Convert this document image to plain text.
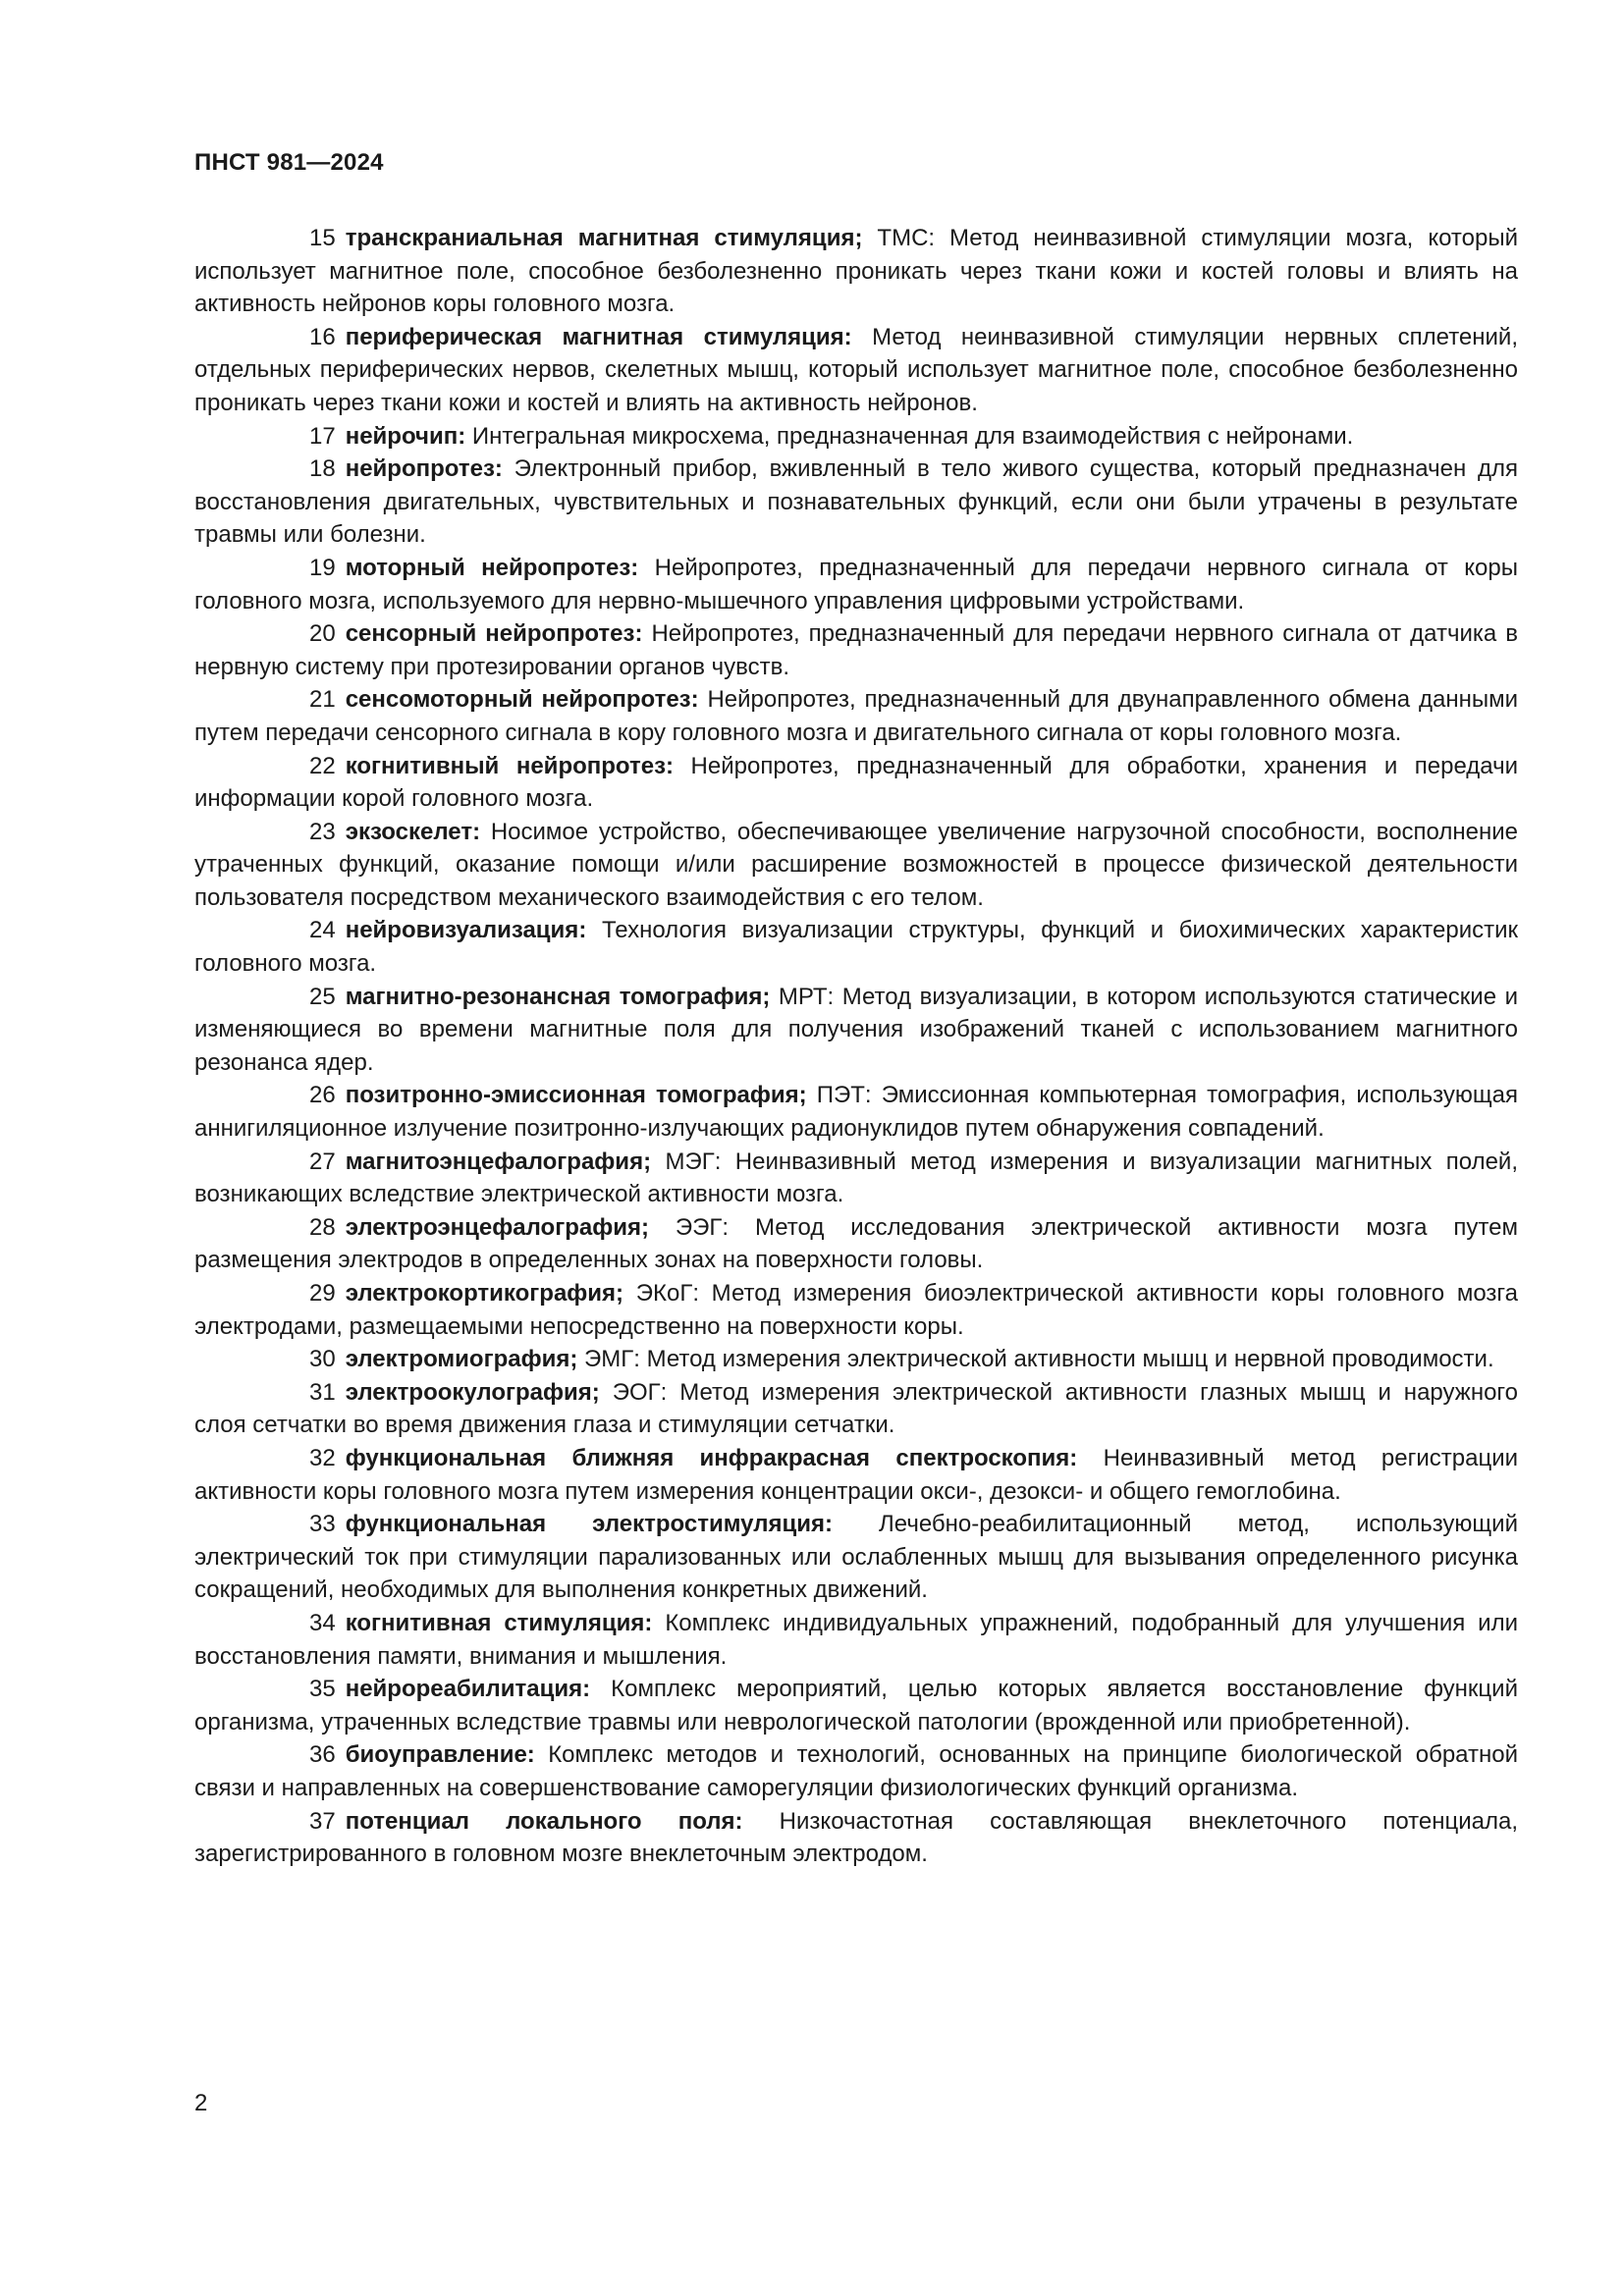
ПНСТ 981—2024

15 транскраниальная магнитная стимуляция; ТМС: Метод неинвазивной стимуляции мозга, который использует магнитное поле, способное безболезненно проникать через ткани кожи и костей головы и влиять на активность нейронов коры головного мозга.

16 периферическая магнитная стимуляция: Метод неинвазивной стимуляции нервных сплетений, отдельных периферических нервов, скелетных мышц, который использует магнитное поле, способное безболезненно проникать через ткани кожи и костей и влиять на активность нейронов.

17 нейрочип: Интегральная микросхема, предназначенная для взаимодействия с нейронами.

18 нейропротез: Электронный прибор, вживленный в тело живого существа, который предназначен для восстановления двигательных, чувствительных и познавательных функций, если они были утрачены в результате травмы или болезни.

19 моторный нейропротез: Нейропротез, предназначенный для передачи нервного сигнала от коры головного мозга, используемого для нервно-мышечного управления цифровыми устройствами.

20 сенсорный нейропротез: Нейропротез, предназначенный для передачи нервного сигнала от датчика в нервную систему при протезировании органов чувств.

21 сенсомоторный нейропротез: Нейропротез, предназначенный для двунаправленного обмена данными путем передачи сенсорного сигнала в кору головного мозга и двигательного сигнала от коры головного мозга.

22 когнитивный нейропротез: Нейропротез, предназначенный для обработки, хранения и передачи информации корой головного мозга.

23 экзоскелет: Носимое устройство, обеспечивающее увеличение нагрузочной способности, восполнение утраченных функций, оказание помощи и/или расширение возможностей в процессе физической деятельности пользователя посредством механического взаимодействия с его телом.

24 нейровизуализация: Технология визуализации структуры, функций и биохимических характеристик головного мозга.

25 магнитно-резонансная томография; МРТ: Метод визуализации, в котором используются статические и изменяющиеся во времени магнитные поля для получения изображений тканей с использованием магнитного резонанса ядер.

26 позитронно-эмиссионная томография; ПЭТ: Эмиссионная компьютерная томография, использующая аннигиляционное излучение позитронно-излучающих радионуклидов путем обнаружения совпадений.

27 магнитоэнцефалография; МЭГ: Неинвазивный метод измерения и визуализации магнитных полей, возникающих вследствие электрической активности мозга.

28 электроэнцефалография; ЭЭГ: Метод исследования электрической активности мозга путем размещения электродов в определенных зонах на поверхности головы.

29 электрокортикография; ЭКоГ: Метод измерения биоэлектрической активности коры головного мозга электродами, размещаемыми непосредственно на поверхности коры.

30 электромиография; ЭМГ: Метод измерения электрической активности мышц и нервной проводимости.

31 электроокулография; ЭОГ: Метод измерения электрической активности глазных мышц и наружного слоя сетчатки во время движения глаза и стимуляции сетчатки.

32 функциональная ближняя инфракрасная спектроскопия: Неинвазивный метод регистрации активности коры головного мозга путем измерения концентрации окси-, дезокси- и общего гемоглобина.

33 функциональная электростимуляция: Лечебно-реабилитационный метод, использующий электрический ток при стимуляции парализованных или ослабленных мышц для вызывания определенного рисунка сокращений, необходимых для выполнения конкретных движений.

34 когнитивная стимуляция: Комплекс индивидуальных упражнений, подобранный для улучшения или восстановления памяти, внимания и мышления.

35 нейрореабилитация: Комплекс мероприятий, целью которых является восстановление функций организма, утраченных вследствие травмы или неврологической патологии (врожденной или приобретенной).

36 биоуправление: Комплекс методов и технологий, основанных на принципе биологической обратной связи и направленных на совершенствование саморегуляции физиологических функций организма.

37 потенциал локального поля: Низкочастотная составляющая внеклеточного потенциала, зарегистрированного в головном мозге внеклеточным электродом.

2
